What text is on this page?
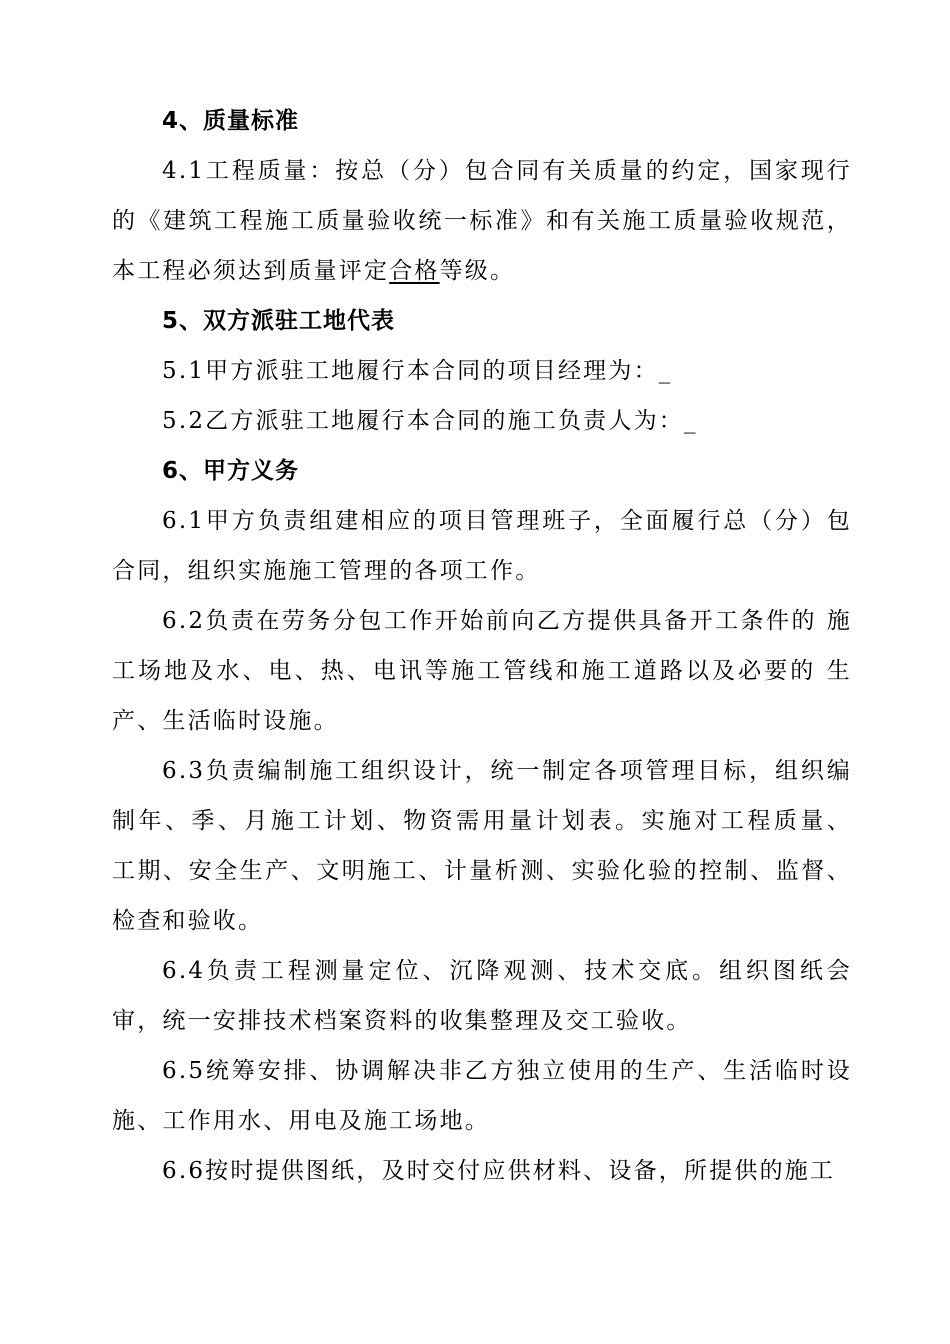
4、质量标准

4.1工程质量：按总（分）包合同有关质量的约定，国家现行的《建筑工程施工质量验收统一标准》和有关施工质量验收规范，本工程必须达到质量评定合格等级。

5、双方派驻工地代表

5.1甲方派驻工地履行本合同的项目经理为：_

5.2乙方派驻工地履行本合同的施工负责人为：_

6、甲方义务

6.1甲方负责组建相应的项目管理班子，全面履行总（分）包合同，组织实施施工管理的各项工作。

6.2负责在劳务分包工作开始前向乙方提供具备开工条件的 施工场地及水、电、热、电讯等施工管线和施工道路以及必要的 生产、生活临时设施。

6.3负责编制施工组织设计，统一制定各项管理目标，组织编制年、季、月施工计划、物资需用量计划表。实施对工程质量、 工期、安全生产、文明施工、计量析测、实验化验的控制、监督、 检查和验收。

6.4负责工程测量定位、沉降观测、技术交底。组织图纸会审，统一安排技术档案资料的收集整理及交工验收。

6.5统筹安排、协调解决非乙方独立使用的生产、生活临时设施、工作用水、用电及施工场地。

6.6按时提供图纸，及时交付应供材料、设备，所提供的施工
